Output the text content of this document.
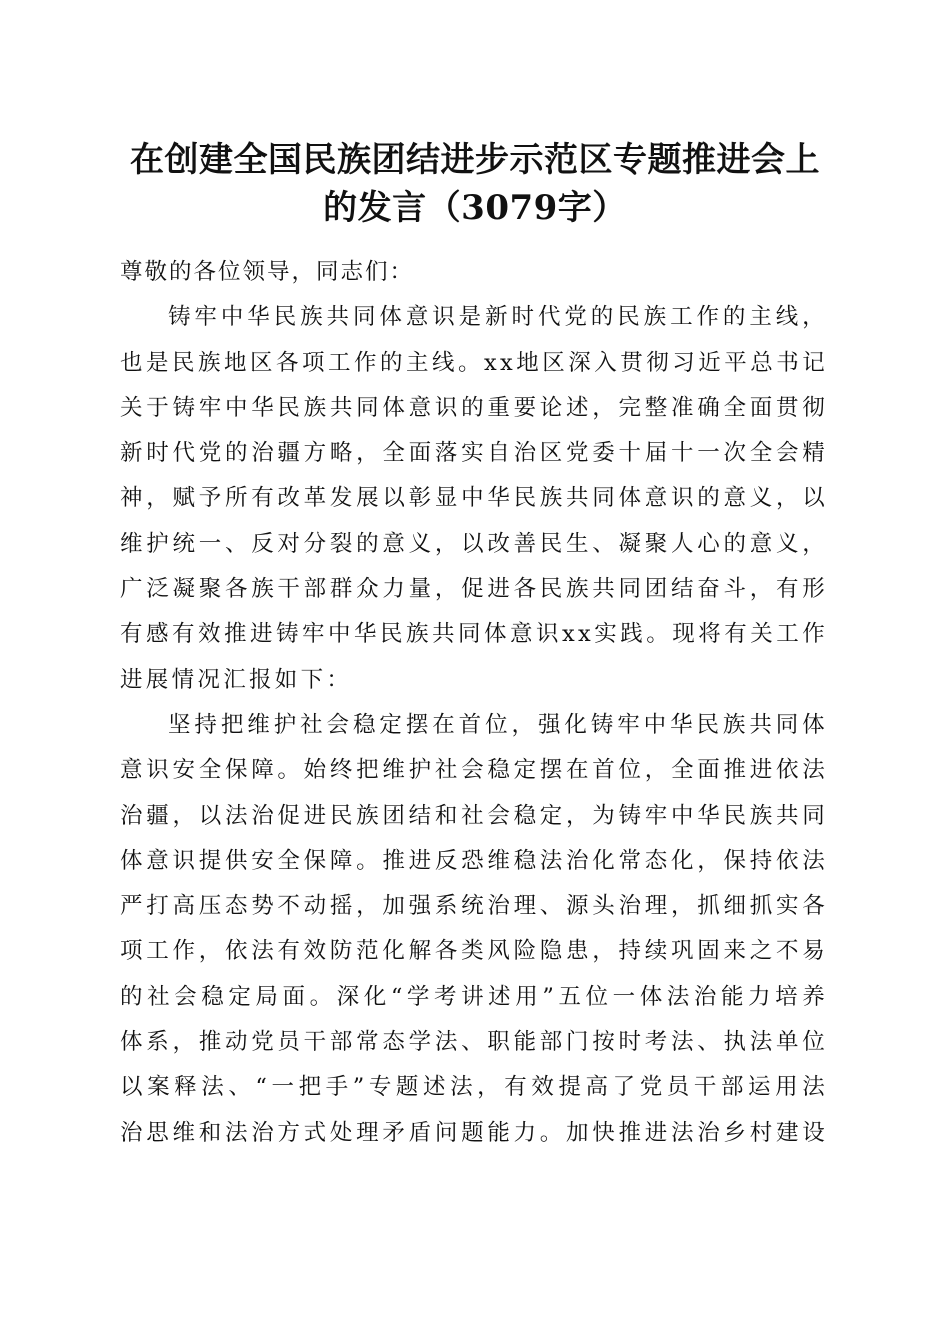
在创建全国民族团结进步示范区专题推进会上
的发言（3079字）

尊敬的各位领导，同志们：

铸牢中华民族共同体意识是新时代党的民族工作的主线，
也是民族地区各项工作的主线。xx地区深入贯彻习近平总书记
关于铸牢中华民族共同体意识的重要论述，完整准确全面贯彻
新时代党的治疆方略，全面落实自治区党委十届十一次全会精
神，赋予所有改革发展以彰显中华民族共同体意识的意义，以
维护统一、反对分裂的意义，以改善民生、凝聚人心的意义，
广泛凝聚各族干部群众力量，促进各民族共同团结奋斗，有形
有感有效推进铸牢中华民族共同体意识xx实践。现将有关工作
进展情况汇报如下：
坚持把维护社会稳定摆在首位，强化铸牢中华民族共同体
意识安全保障。始终把维护社会稳定摆在首位，全面推进依法
治疆，以法治促进民族团结和社会稳定，为铸牢中华民族共同
体意识提供安全保障。推进反恐维稳法治化常态化，保持依法
严打高压态势不动摇，加强系统治理、源头治理，抓细抓实各
项工作，依法有效防范化解各类风险隐患，持续巩固来之不易
的社会稳定局面。深化“学考讲述用”五位一体法治能力培养
体系，推动党员干部常态学法、职能部门按时考法、执法单位
以案释法、“一把手”专题述法，有效提高了党员干部运用法
治思维和法治方式处理矛盾问题能力。加快推进法治乡村建设
